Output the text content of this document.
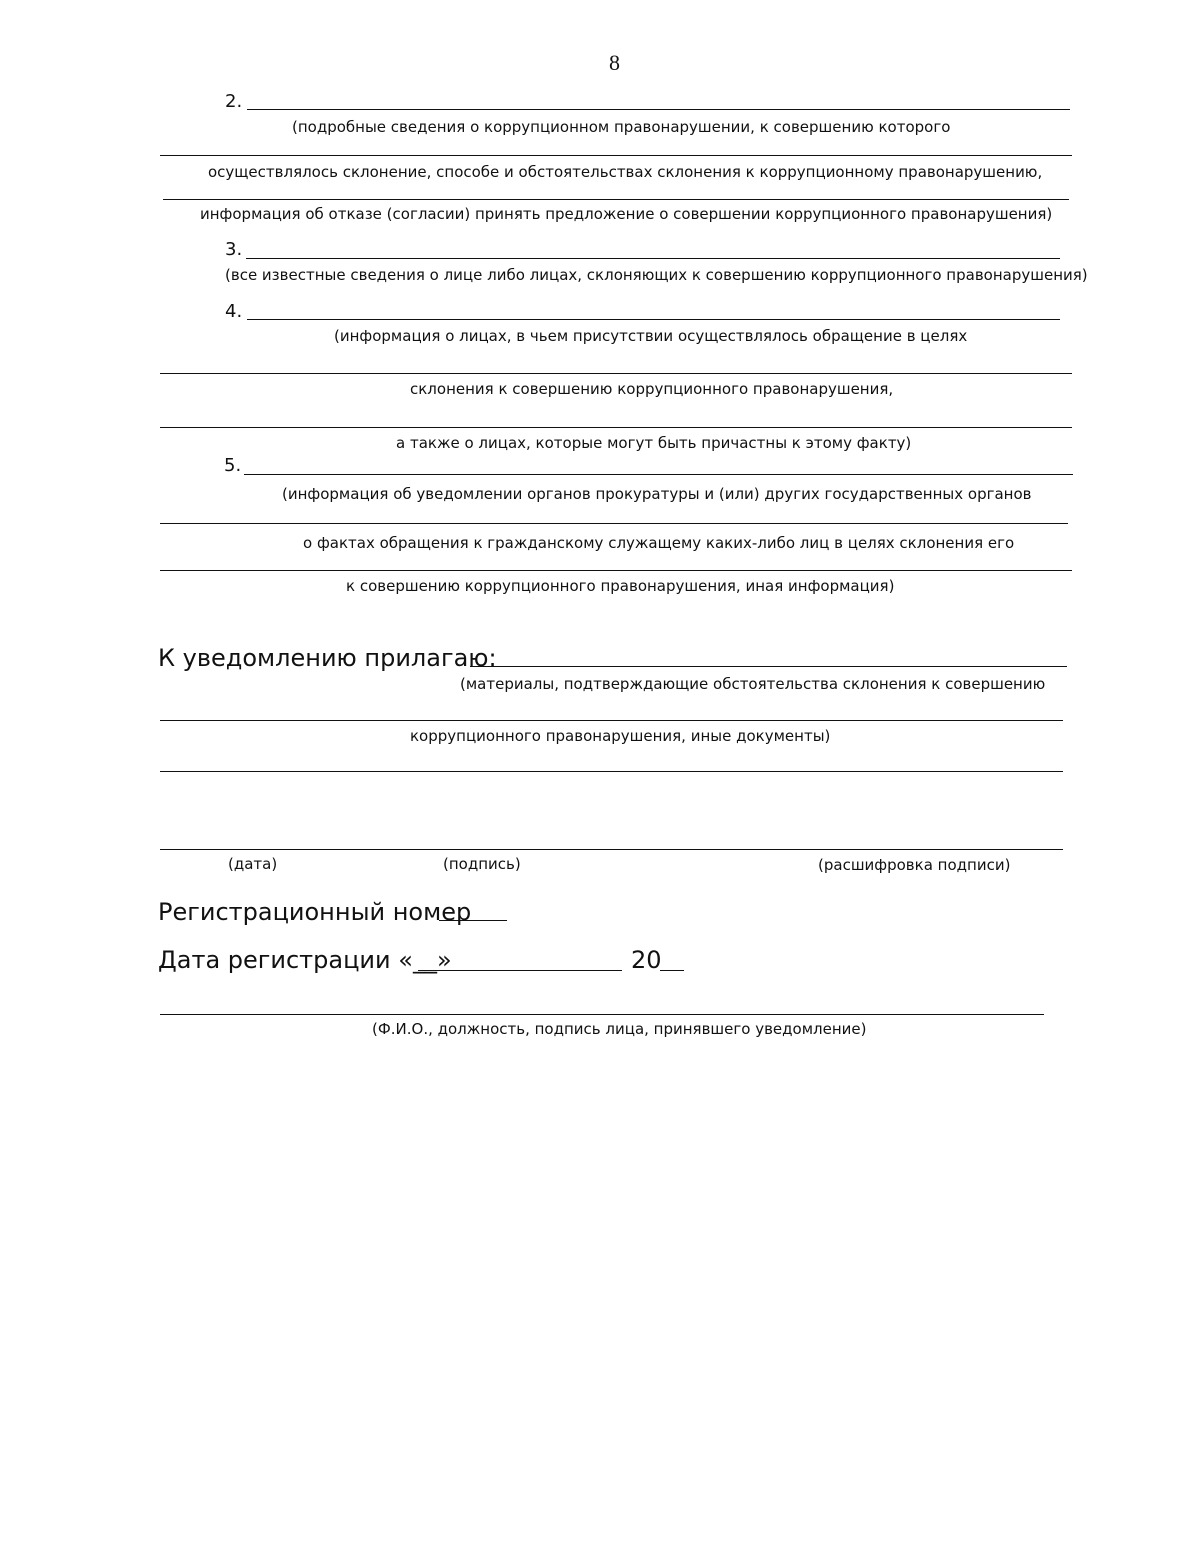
8
2.
(подробные сведения о коррупционном правонарушении, к совершению которого
осуществлялось склонение, способе и обстоятельствах склонения к коррупционному правонарушению,
информация об отказе (согласии) принять предложение о совершении коррупционного правонарушения)
3.
(все известные сведения о лице либо лицах, склоняющих к совершению коррупционного правонарушения)
4.
(информация о лицах, в чьем присутствии осуществлялось обращение в целях
склонения к совершению коррупционного правонарушения,
а также о лицах, которые могут быть причастны к этому факту)
5.
(информация об уведомлении органов прокуратуры и (или) других государственных органов
о фактах обращения к гражданскому служащему каких-либо лиц в целях склонения его
к совершению коррупционного правонарушения, иная информация)
К уведомлению прилагаю:
(материалы, подтверждающие обстоятельства склонения к совершению
коррупционного правонарушения, иные документы)
(дата)	(подпись)	(расшифровка подписи)
Регистрационный номер
Дата регистрации «__»	20
(Ф.И.О., должность, подпись лица, принявшего уведомление)
